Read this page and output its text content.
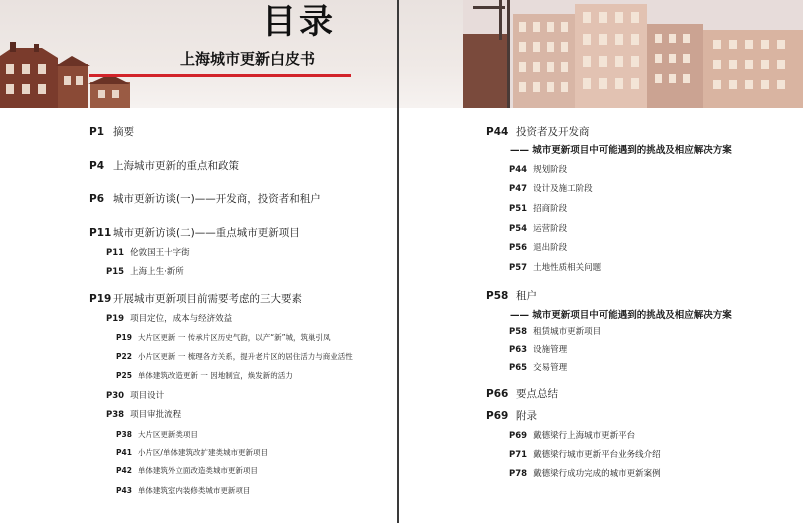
目录
上海城市更新白皮书
P1 摘要
P4 上海城市更新的重点和政策
P6 城市更新访谈(一)——开发商，投资者和租户
P11 城市更新访谈(二)——重点城市更新项目
P11 伦敦国王十字街
P15 上海上生·新所
P19 开展城市更新项目前需要考虑的三大要素
P19 项目定位，成本与经济效益
P19 大片区更新 一 传承片区历史气韵，以产“新”城，筑巢引凤
P22 小片区更新 一 梳理各方关系，提升老片区的居住活力与商业活性
P25 单体建筑改造更新 一 因地制宜，焕发新的活力
P30 项目设计
P38 项目审批流程
P38 大片区更新类项目
P41 小片区/单体建筑改扩建类城市更新项目
P42 单体建筑外立面改造类城市更新项目
P43 单体建筑室内装修类城市更新项目
P44 投资者及开发商
—— 城市更新项目中可能遇到的挑战及相应解决方案
P44 规划阶段
P47 设计及施工阶段
P51 招商阶段
P54 运营阶段
P56 退出阶段
P57 土地性质相关问题
P58 租户
—— 城市更新项目中可能遇到的挑战及相应解决方案
P58 租赁城市更新项目
P63 设施管理
P65 交易管理
P66 要点总结
P69 附录
P69 戴德梁行上海城市更新平台
P71 戴德梁行城市更新平台业务线介绍
P78 戴德梁行成功完成的城市更新案例
